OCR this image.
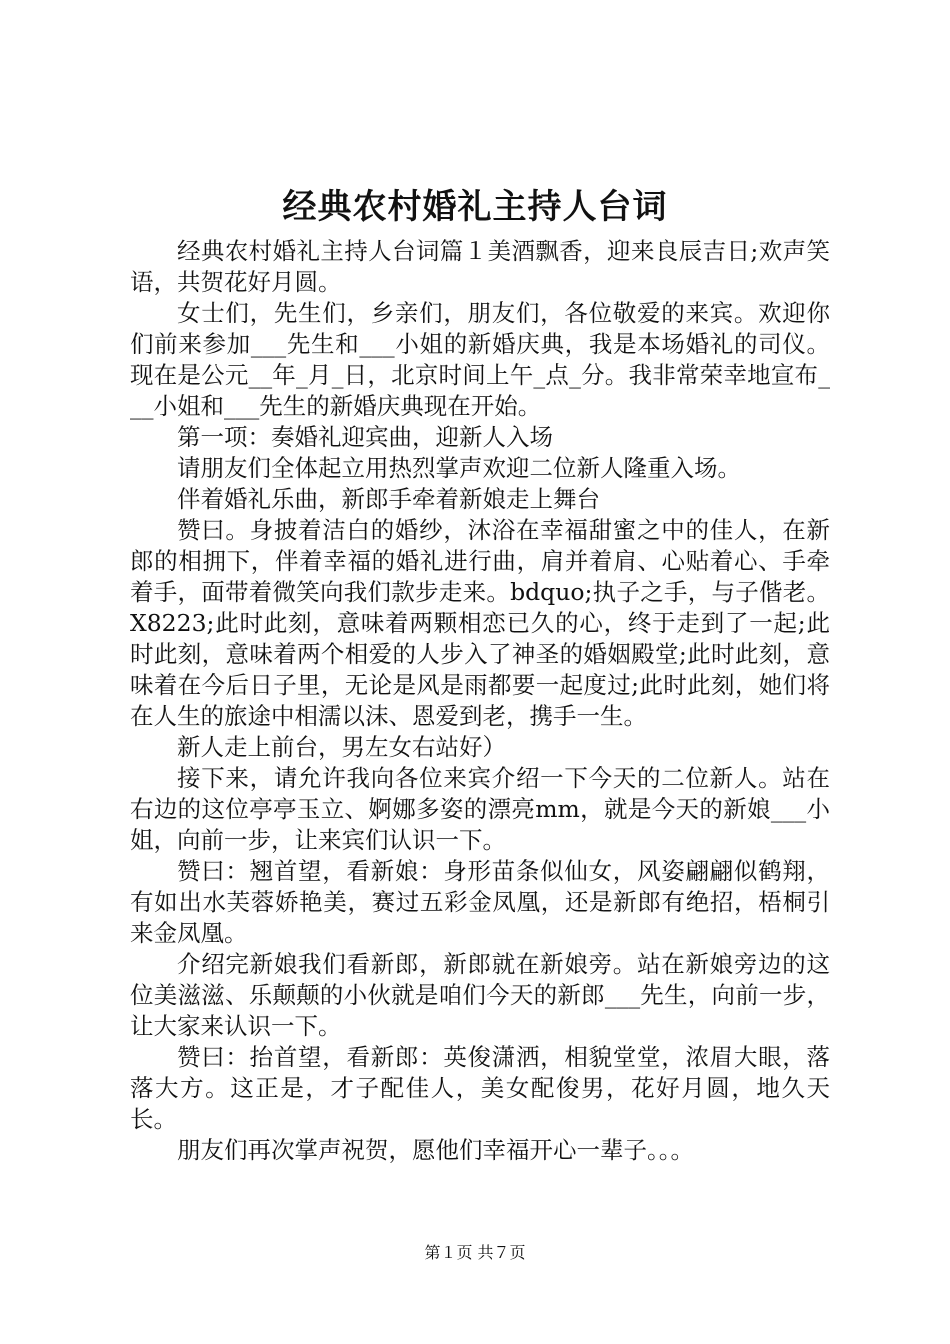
经典农村婚礼主持人台词

经典农村婚礼主持人台词篇１美酒飘香，迎来良辰吉日;欢声笑语，共贺花好月圆。

女士们，先生们，乡亲们，朋友们，各位敬爱的来宾。欢迎你们前来参加___先生和___小姐的新婚庆典，我是本场婚礼的司仪。现在是公元__年_月_日，北京时间上午_点_分。我非常荣幸地宣布___小姐和___先生的新婚庆典现在开始。

第一项：奏婚礼迎宾曲，迎新人入场

请朋友们全体起立用热烈掌声欢迎二位新人隆重入场。

伴着婚礼乐曲，新郎手牵着新娘走上舞台

赞曰。身披着洁白的婚纱，沐浴在幸福甜蜜之中的佳人，在新郎的相拥下，伴着幸福的婚礼进行曲，肩并着肩、心贴着心、手牵着手，面带着微笑向我们款步走来。bdquo;执子之手，与子偕老。X8223;此时此刻，意味着两颗相恋已久的心，终于走到了一起;此时此刻，意味着两个相爱的人步入了神圣的婚姻殿堂;此时此刻，意味着在今后日子里，无论是风是雨都要一起度过;此时此刻，她们将在人生的旅途中相濡以沫、恩爱到老，携手一生。

新人走上前台，男左女右站好）

接下来，请允许我向各位来宾介绍一下今天的二位新人。站在右边的这位亭亭玉立、婀娜多姿的漂亮mm，就是今天的新娘___小姐，向前一步，让来宾们认识一下。

赞曰：翘首望，看新娘：身形苗条似仙女，风姿翩翩似鹤翔，有如出水芙蓉娇艳美，赛过五彩金凤凰，还是新郎有绝招，梧桐引来金凤凰。

介绍完新娘我们看新郎，新郎就在新娘旁。站在新娘旁边的这位美滋滋、乐颠颠的小伙就是咱们今天的新郎___先生，向前一步，让大家来认识一下。

赞曰：抬首望，看新郎：英俊潇洒，相貌堂堂，浓眉大眼，落落大方。这正是，才子配佳人，美女配俊男，花好月圆，地久天长。

朋友们再次掌声祝贺，愿他们幸福开心一辈子。。。

第１页 共７页
